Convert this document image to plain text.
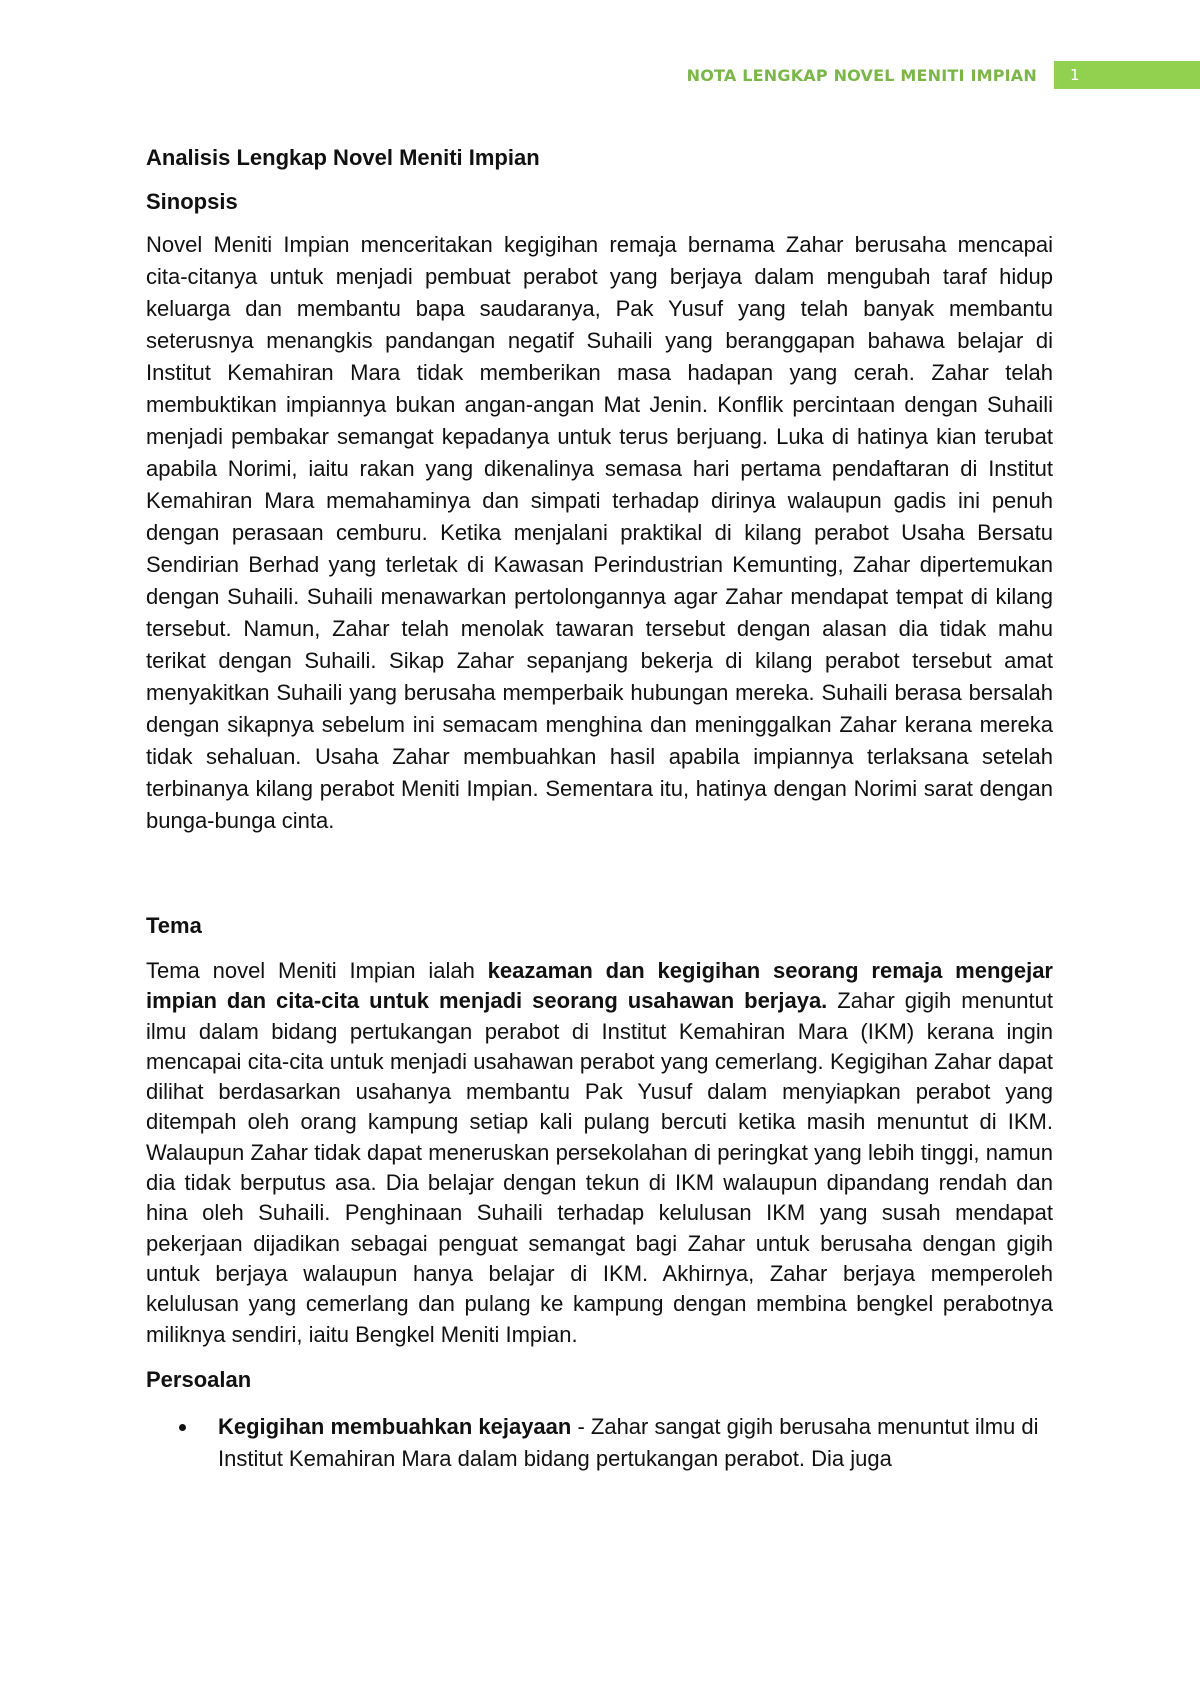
NOTA LENGKAP NOVEL MENITI IMPIAN 1
Analisis Lengkap Novel Meniti Impian
Sinopsis

Novel Meniti Impian menceritakan kegigihan remaja bernama Zahar berusaha mencapai cita-citanya untuk menjadi pembuat perabot yang berjaya dalam mengubah taraf hidup keluarga dan membantu bapa saudaranya, Pak Yusuf yang telah banyak membantu seterusnya menangkis pandangan negatif Suhaili yang beranggapan bahawa belajar di Institut Kemahiran Mara tidak memberikan masa hadapan yang cerah. Zahar telah membuktikan impiannya bukan angan-angan Mat Jenin. Konflik percintaan dengan Suhaili menjadi pembakar semangat kepadanya untuk terus berjuang. Luka di hatinya kian terubat apabila Norimi, iaitu rakan yang dikenalinya semasa hari pertama pendaftaran di Institut Kemahiran Mara memahaminya dan simpati terhadap dirinya walaupun gadis ini penuh dengan perasaan cemburu. Ketika menjalani praktikal di kilang perabot Usaha Bersatu Sendirian Berhad yang terletak di Kawasan Perindustrian Kemunting, Zahar dipertemukan dengan Suhaili. Suhaili menawarkan pertolongannya agar Zahar mendapat tempat di kilang tersebut. Namun, Zahar telah menolak tawaran tersebut dengan alasan dia tidak mahu terikat dengan Suhaili. Sikap Zahar sepanjang bekerja di kilang perabot tersebut amat menyakitkan Suhaili yang berusaha memperbaik hubungan mereka. Suhaili berasa bersalah dengan sikapnya sebelum ini semacam menghina dan meninggalkan Zahar kerana mereka tidak sehaluan. Usaha Zahar membuahkan hasil apabila impiannya terlaksana setelah terbinanya kilang perabot Meniti Impian. Sementara itu, hatinya dengan Norimi sarat dengan bunga-bunga cinta.

Tema

Tema novel Meniti Impian ialah keazaman dan kegigihan seorang remaja mengejar impian dan cita-cita untuk menjadi seorang usahawan berjaya. Zahar gigih menuntut ilmu dalam bidang pertukangan perabot di Institut Kemahiran Mara (IKM) kerana ingin mencapai cita-cita untuk menjadi usahawan perabot yang cemerlang. Kegigihan Zahar dapat dilihat berdasarkan usahanya membantu Pak Yusuf dalam menyiapkan perabot yang ditempah oleh orang kampung setiap kali pulang bercuti ketika masih menuntut di IKM. Walaupun Zahar tidak dapat meneruskan persekolahan di peringkat yang lebih tinggi, namun dia tidak berputus asa. Dia belajar dengan tekun di IKM walaupun dipandang rendah dan hina oleh Suhaili. Penghinaan Suhaili terhadap kelulusan IKM yang susah mendapat pekerjaan dijadikan sebagai penguat semangat bagi Zahar untuk berusaha dengan gigih untuk berjaya walaupun hanya belajar di IKM. Akhirnya, Zahar berjaya memperoleh kelulusan yang cemerlang dan pulang ke kampung dengan membina bengkel perabotnya miliknya sendiri, iaitu Bengkel Meniti Impian.

Persoalan
Kegigihan membuahkan kejayaan - Zahar sangat gigih berusaha menuntut ilmu di Institut Kemahiran Mara dalam bidang pertukangan perabot. Dia juga
